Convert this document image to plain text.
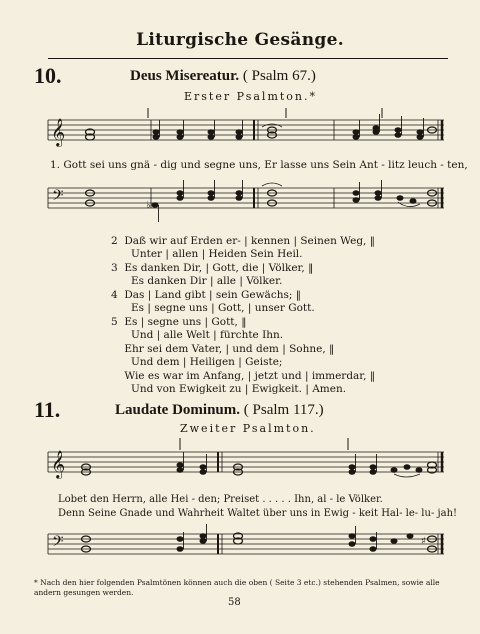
Liturgische Gesänge.
10.	Deus Misereatur. ( Psalm 67.)
Erster Psalmton.*
𝄞
1. Gott sei uns gnä - dig und segne uns, Er lasse uns Sein Ant - litz leuch - ten,
𝄢	♭
2 Daß wir auf Erden er- | kennen | Seinen Weg, ‖
Unter | allen | Heiden Sein Heil.
3 Es danken Dir, | Gott, die | Völker, ‖
Es danken Dir | alle | Völker.
4 Das | Land gibt | sein Gewächs; ‖
Es | segne uns | Gott, | unser Gott.
5 Es | segne uns | Gott, ‖
Und | alle Welt | fürchte Ihn.
Ehr sei dem Vater, | und dem | Sohne, ‖
Und dem | Heiligen | Geiste;
Wie es war im Anfang, | jetzt und | immerdar, ‖
Und von Ewigkeit zu | Ewigkeit. | Amen.
11.	Laudate Dominum. ( Psalm 117.)
Zweiter Psalmton.
𝄞
Lobet den Herrn, alle Hei - den; Preiset . . . . . Ihn, al - le Völker.
Denn Seine Gnade und Wahrheit Waltet über uns in Ewig - keit Hal- le- lu- jah!
𝄢	♯
* Nach den hier folgenden Psalmtönen können auch die oben ( Seite 3 etc.) stehenden Psalmen, sowie alle andern gesungen werden.
58
